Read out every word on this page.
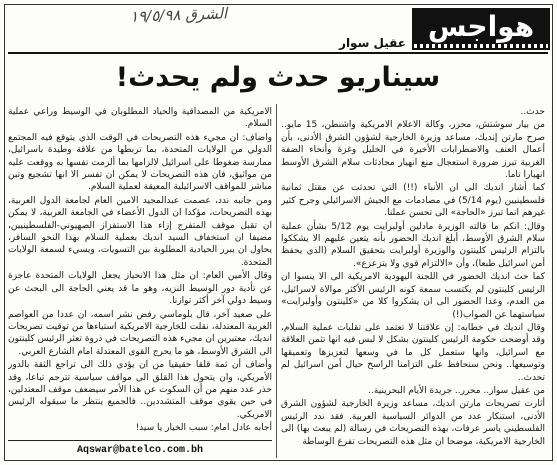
الشرق ١٩/٥/٩٨	هواجس
عقيل سوار
سيناريو حدث ولم يحدث!

حدث..

من بيار سوشتش، محرر، وكالة الاعلام الامريكية واشنطن، 15 مايو.. صرح مارتن إنديك، مساعد وزيرة الخارجية لشؤون الشرق الأدنى، بأن أعمال العنف والاضطرابات الأخيرة في الخليل وغزة وأنحاء الضفة الغربية تبرز ضرورة استعجال منع انهيار محادثات سلام الشرق الأوسط انهيارا تاما.

كما أشار انديك الى ان الأنباء (!!) التي تحدثت عن مقتل ثمانية فلسطينيين (يوم 5/14) في مصادمات مع الجيش الاسرائيلي وجرح كثير غيرهم انما تبرز «الحاجة» الى تحسن عملنا.

وقال: انكم ما قالته الوزيرة مادلين أولبرايت يوم 5/12 بشأن عملية سلام الشرق الأوسط، أبلغ انديك الحضور بأنه يتعين عليهم الا يشككوا بالتزام الرئيس كلينتون والوزيرة أولبرايت بتحقيق السلام (الذي يحفظ أمن اسرائيل طبعا)، وأن «الالتزام قوي ولا يتزعزع».

كما حث انديك الحضور في اللجنة اليهودية الامريكية الى الا ينسوا ان الرئيس كلينتون لم يكتسب سمعة كونه الرئيس الأكثر موالاة لاسرائيل، من العدم، وعدا الحضور الى ان يشكروا كلا من «كلينتون وأولبرايت» سياستهما عن الصواب(!)

وقال انديك في خطابه: إن علاقتنا لا تعتمد على تقلبات عملية السلام، وقد أوضحت حكومة الرئيس كلينتون بشكل لا لبس فيه انها تثمن العلاقة مع اسرائيل، وانها ستعمل كل ما في وسعها لتعزيزها وتعميقها وتوسيعها.. ونحن سنحافظ على التزامنا الراسخ حيال أمن اسرائيل لم تحدث..

من عقيل سوار.. محرر.. جريدة الأيام البحرينية..

أثارت تصريحات مارتن انديك، مساعد وزيرة الخارجية لشؤون الشرق الأدنى، استنكار عدد من الدوائر السياسية العربية. فقد ندد الرئيس الفلسطيني ياسر عرفات، بهذه التصريحات في رسالة (لم يبعث بها) الى الخارجية الامريكية، موضحا ان مثل هذه التصريحات تفرغ الوساطة

الامريكية من المصداقية والحياد المطلوبان في الوسيط وراعي عملية السلام.

واضاف: ان مجيء هذه التصريحات في الوقت الذي يتوقع فيه المجتمع الدولي من الولايات المتحدة، بما تربطها من علاقة وطيدة باسرائيل، ممارسة ضغوطا على اسرائيل لالزامها بما ألزمت نفسها به ووقعت عليه من مواثيق، فان هذه التصريحات لا يمكن ان تفسر الا انها تشجيع وتبن مباشر للمواقف الاسرائيلية المعيقة لعملية السلام.

ومن جانبه ندد، عصمت عبدالمجيد الامين العام لجامعة الدول العربية، بهذه التصريحات، مؤكدا ان الدول الأعضاء في الجامعة العربية، لا يمكن ان تقبل موقف المتفرج إزاء هذا الاستفزاز الصهيوني-الفلسطينيين، مضيفا ان استخفاف السيد انديك بعملية السلام بهذا النحو السافر، يحاول ان يبرر الحيادية المطلوبة بين التسويات، ويسيء لسمعة الولايات المتحدة.

وقال الأمين العام: ان مثل هذا الانحياز يجعل الولايات المتحدة عاجزة عن تأدية دور الوسيط النزيه، وهو ما قد يعني الحاجة الى البحث عن وسيط دولي آخر أكثر توازنا.

على صعيد آخر، قال بلوماسي رفض نشر اسمه، ان عددا من العواصم العربية المعتدلة، نقلت للخارجية الامريكية استياءها من توقيت تصريحات انديك، معتبرين ان مجيء هذه التصريحات في ذروة تعثر الرئيس كلينتون الى الشرق الأوسط، هو ما يحرج القوى المعتدلة امام الشارع العربي.

وأضاف أن ثمة قلقا حقيقيا من ان يؤدي ذلك الى تراجع الثقة بالدور الأمريكي، وان يتحول هذا القلق الى مواقف سياسية تترجم تباعا، وقد حذر عدد منهم من أن السكوت عن هذا الأمر سيضعف موقف المعتدلين، في حين يقوي موقف المتشددين.. فالجميع ينتظر ما سيقوله الرئيس الامريكي.

أجابه عادل امام: سبب الخيار يا سيد!

Aqswar@batelco.com.bh
